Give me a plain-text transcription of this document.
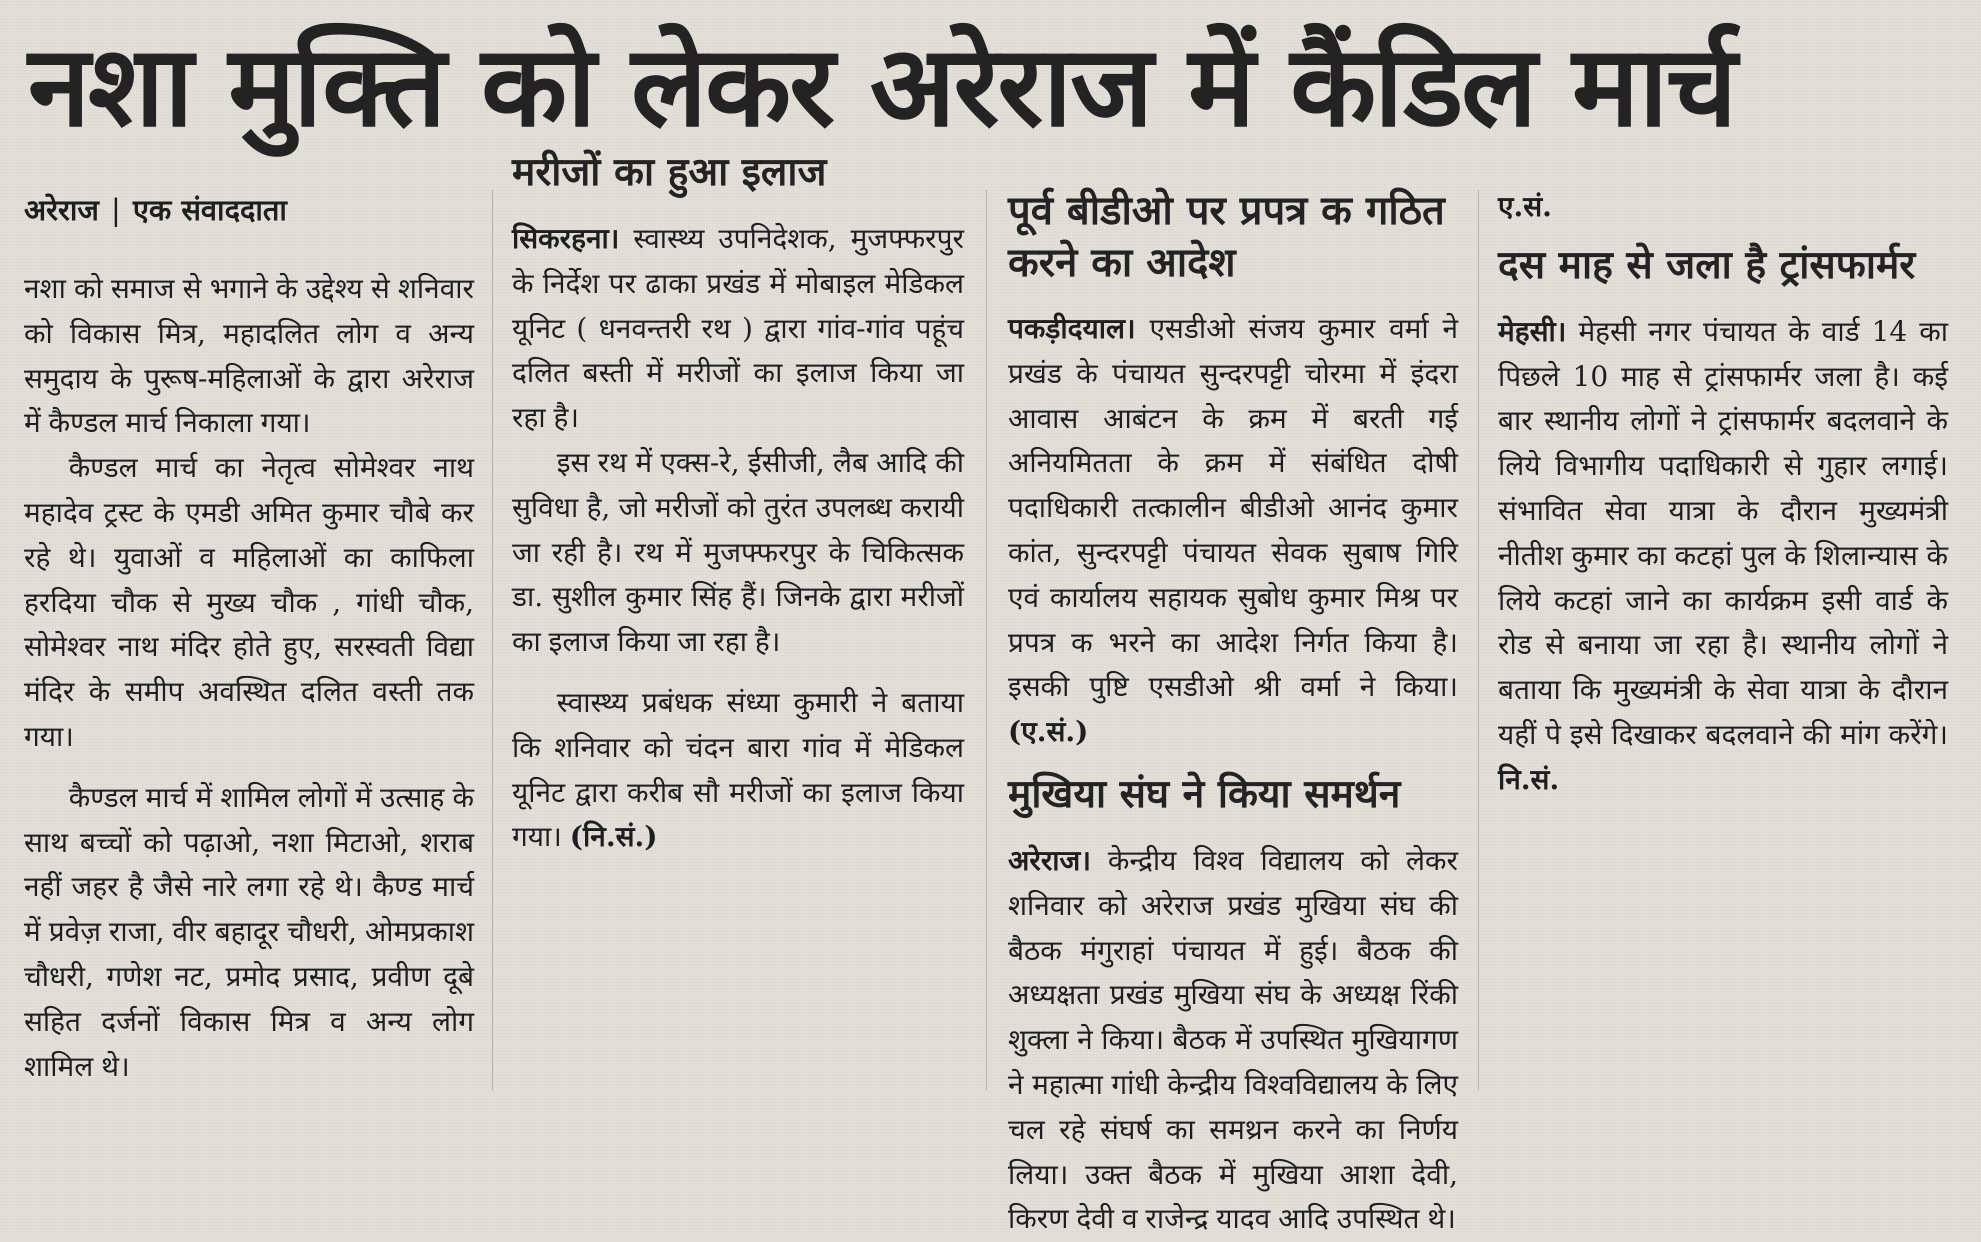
नशा मुक्ति को लेकर अरेराज में कैंडिल मार्च
अरेराज | एक संवाददाता

नशा को समाज से भगाने के उद्देश्य से शनिवार को विकास मित्र, महादलित लोग व अन्य समुदाय के पुरूष-महिलाओं के द्वारा अरेराज में कैण्डल मार्च निकाला गया।

कैण्डल मार्च का नेतृत्व सोमेश्वर नाथ महादेव ट्रस्ट के एमडी अमित कुमार चौबे कर रहे थे। युवाओं व महिलाओं का काफिला हरदिया चौक से मुख्य चौक , गांधी चौक, सोमेश्वर नाथ मंदिर होते हुए, सरस्वती विद्या मंदिर के समीप अवस्थित दलित वस्ती तक गया।

कैण्डल मार्च में शामिल लोगों में उत्साह के साथ बच्चों को पढ़ाओ, नशा मिटाओ, शराब नहीं जहर है जैसे नारे लगा रहे थे। कैण्ड मार्च में प्रवेज़ राजा, वीर बहादूर चौधरी, ओमप्रकाश चौधरी, गणेश नट, प्रमोद प्रसाद, प्रवीण दूबे सहित दर्जनों विकास मित्र व अन्य लोग शामिल थे।

मरीजों का हुआ इलाज

सिकरहना। स्वास्थ्य उपनिदेशक, मुजफ्फरपुर के निर्देश पर ढाका प्रखंड में मोबाइल मेडिकल यूनिट ( धनवन्तरी रथ ) द्वारा गांव-गांव पहूंच दलित बस्ती में मरीजों का इलाज किया जा रहा है।

इस रथ में एक्स-रे, ईसीजी, लैब आदि की सुविधा है, जो मरीजों को तुरंत उपलब्ध करायी जा रही है। रथ में मुजफ्फरपुर के चिकित्सक डा. सुशील कुमार सिंह हैं। जिनके द्वारा मरीजों का इलाज किया जा रहा है।

स्वास्थ्य प्रबंधक संध्या कुमारी ने बताया कि शनिवार को चंदन बारा गांव में मेडिकल यूनिट द्वारा करीब सौ मरीजों का इलाज किया गया। (नि.सं.)

पूर्व बीडीओ पर प्रपत्र क गठित करने का आदेश

पकड़ीदयाल। एसडीओ संजय कुमार वर्मा ने प्रखंड के पंचायत सुन्दरपट्टी चोरमा में इंदरा आवास आबंटन के क्रम में बरती गई अनियमितता के क्रम में संबंधित दोषी पदाधिकारी तत्कालीन बीडीओ आनंद कुमार कांत, सुन्दरपट्टी पंचायत सेवक सुबाष गिरि एवं कार्यालय सहायक सुबोध कुमार मिश्र पर प्रपत्र क भरने का आदेश निर्गत किया है। इसकी पुष्टि एसडीओ श्री वर्मा ने किया।(ए.सं.)

मुखिया संघ ने किया समर्थन

अरेराज। केन्द्रीय विश्व विद्यालय को लेकर शनिवार को अरेराज प्रखंड मुखिया संघ की बैठक मंगुराहां पंचायत में हुई। बैठक की अध्यक्षता प्रखंड मुखिया संघ के अध्यक्ष रिंकी शुक्ला ने किया। बैठक में उपस्थित मुखियागण ने महात्मा गांधी केन्द्रीय विश्वविद्यालय के लिए चल रहे संघर्ष का समथ्रन करने का निर्णय लिया। उक्त बैठक में मुखिया आशा देवी, किरण देवी व राजेन्द्र यादव आदि उपस्थित थे।

ए.सं.

दस माह से जला है ट्रांसफार्मर

मेहसी। मेहसी नगर पंचायत के वार्ड 14 का पिछले 10 माह से ट्रांसफार्मर जला है। कई बार स्थानीय लोगों ने ट्रांसफार्मर बदलवाने के लिये विभागीय पदाधिकारी से गुहार लगाई। संभावित सेवा यात्रा के दौरान मुख्यमंत्री नीतीश कुमार का कटहां पुल के शिलान्यास के लिये कटहां जाने का कार्यक्रम इसी वार्ड के रोड से बनाया जा रहा है। स्थानीय लोगों ने बताया कि मुख्यमंत्री के सेवा यात्रा के दौरान यहीं पे इसे दिखाकर बदलवाने की मांग करेंगे। नि.सं.
